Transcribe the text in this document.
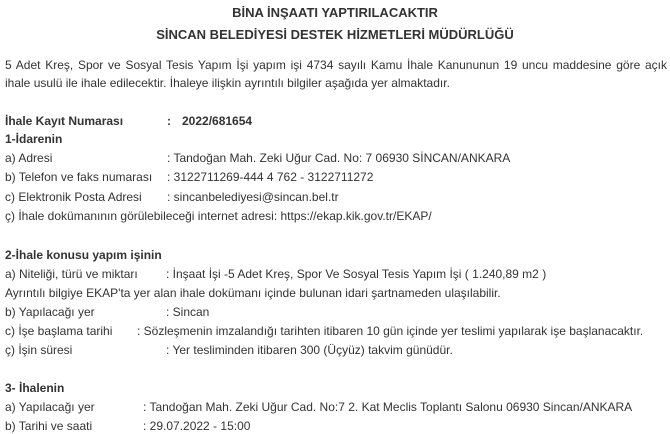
BİNA İNŞAATI YAPTIRILACAKTIR
SİNCAN BELEDİYESİ DESTEK HİZMETLERİ MÜDÜRLÜĞÜ
5 Adet Kreş, Spor ve Sosyal Tesis Yapım İşi yapım işi 4734 sayılı Kamu İhale Kanununun 19 uncu maddesine göre açık ihale usulü ile ihale edilecektir. İhaleye ilişkin ayrıntılı bilgiler aşağıda yer almaktadır.
İhale Kayıt Numarası	: 2022/681654
1-İdarenin
a) Adresi	: Tandoğan Mah. Zeki Uğur Cad. No: 7 06930 SİNCAN/ANKARA
b) Telefon ve faks numarası : 3122711269-444 4 762 - 3122711272
c) Elektronik Posta Adresi : sincanbelediyesi@sincan.bel.tr
ç) İhale dokümanının görülebileceği internet adresi: https://ekap.kik.gov.tr/EKAP/
2-İhale konusu yapım işinin
a) Niteliği, türü ve miktarı : İnşaat İşi -5 Adet Kreş, Spor Ve Sosyal Tesis Yapım İşi ( 1.240,89 m2 )
Ayrıntılı bilgiye EKAP'ta yer alan ihale dokümanı içinde bulunan idari şartnameden ulaşılabilir.
b) Yapılacağı yer	: Sincan
c) İşe başlama tarihi : Sözleşmenin imzalandığı tarihten itibaren 10 gün içinde yer teslimi yapılarak işe başlanacaktır.
ç) İşin süresi	: Yer tesliminden itibaren 300 (Üçyüz) takvim günüdür.
3- İhalenin
a) Yapılacağı yer	: Tandoğan Mah. Zeki Uğur Cad. No:7 2. Kat Meclis Toplantı Salonu 06930 Sincan/ANKARA
b) Tarihi ve saati	: 29.07.2022 - 15:00
